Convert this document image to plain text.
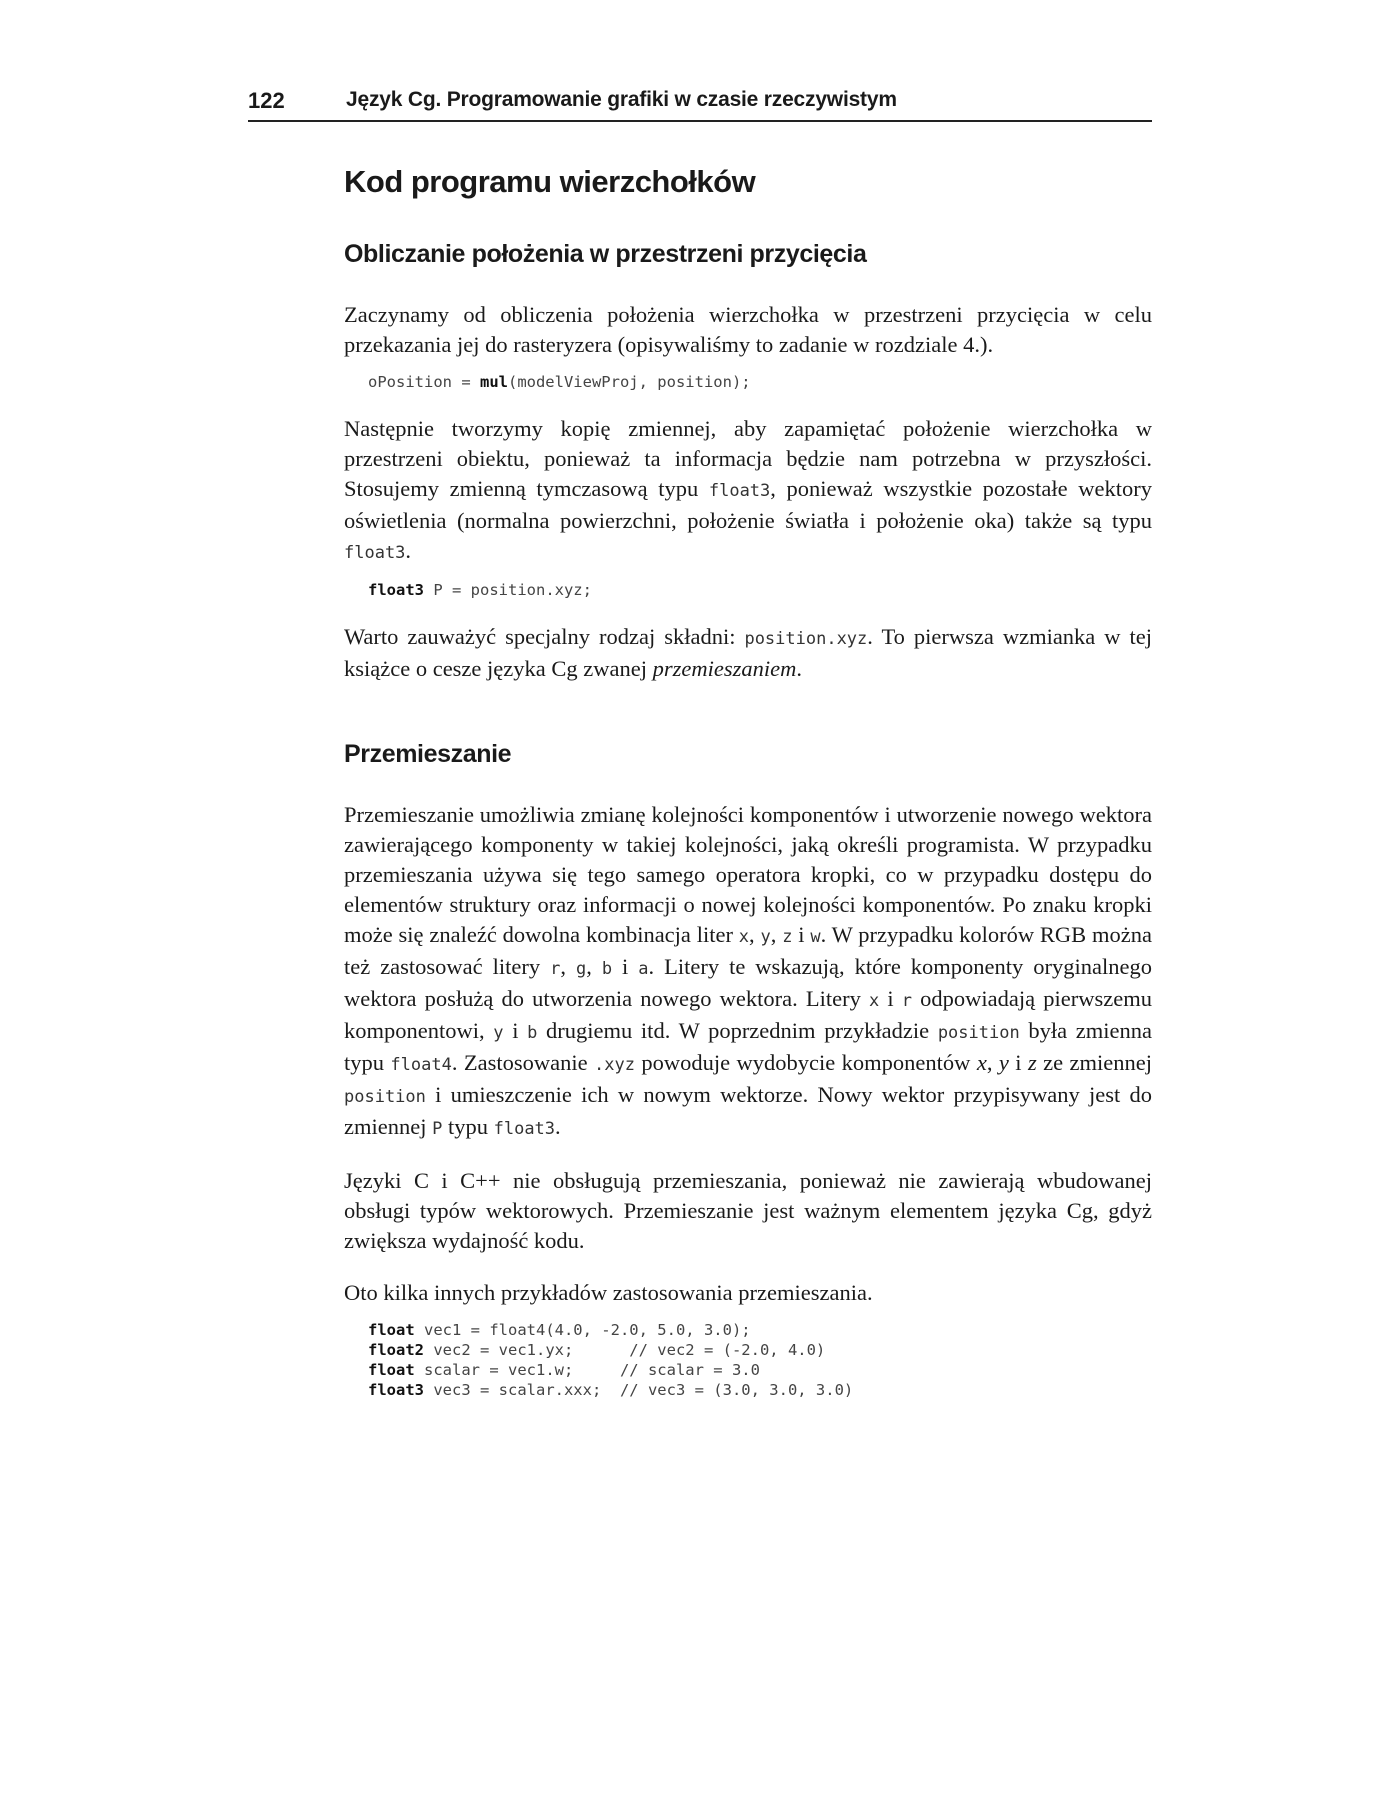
122	Język Cg. Programowanie grafiki w czasie rzeczywistym
Kod programu wierzchołków
Obliczanie położenia w przestrzeni przycięcia

Zaczynamy od obliczenia położenia wierzchołka w przestrzeni przycięcia w celu przekazania jej do rasteryzera (opisywaliśmy to zadanie w rozdziale 4.).

oPosition = mul(modelViewProj, position);

Następnie tworzymy kopię zmiennej, aby zapamiętać położenie wierzchołka w przestrzeni obiektu, ponieważ ta informacja będzie nam potrzebna w przyszłości. Stosujemy zmienną tymczasową typu float3, ponieważ wszystkie pozostałe wektory oświetlenia (normalna powierzchni, położenie światła i położenie oka) także są typu float3.

float3 P = position.xyz;

Warto zauważyć specjalny rodzaj składni: position.xyz. To pierwsza wzmianka w tej książce o cesze języka Cg zwanej przemieszaniem.

Przemieszanie

Przemieszanie umożliwia zmianę kolejności komponentów i utworzenie nowego wektora zawierającego komponenty w takiej kolejności, jaką określi programista. W przypadku przemieszania używa się tego samego operatora kropki, co w przypadku dostępu do elementów struktury oraz informacji o nowej kolejności komponentów. Po znaku kropki może się znaleźć dowolna kombinacja liter x, y, z i w. W przypadku kolorów RGB można też zastosować litery r, g, b i a. Litery te wskazują, które komponenty oryginalnego wektora posłużą do utworzenia nowego wektora. Litery x i r odpowiadają pierwszemu komponentowi, y i b drugiemu itd. W poprzednim przykładzie position była zmienna typu float4. Zastosowanie .xyz powoduje wydobycie komponentów x, y i z ze zmiennej position i umieszczenie ich w nowym wektorze. Nowy wektor przypisywany jest do zmiennej P typu float3.

Języki C i C++ nie obsługują przemieszania, ponieważ nie zawierają wbudowanej obsługi typów wektorowych. Przemieszanie jest ważnym elementem języka Cg, gdyż zwiększa wydajność kodu.

Oto kilka innych przykładów zastosowania przemieszania.

float vec1 = float4(4.0, -2.0, 5.0, 3.0);
float2 vec2 = vec1.yx;      // vec2 = (-2.0, 4.0)
float scalar = vec1.w;     // scalar = 3.0
float3 vec3 = scalar.xxx;  // vec3 = (3.0, 3.0, 3.0)
